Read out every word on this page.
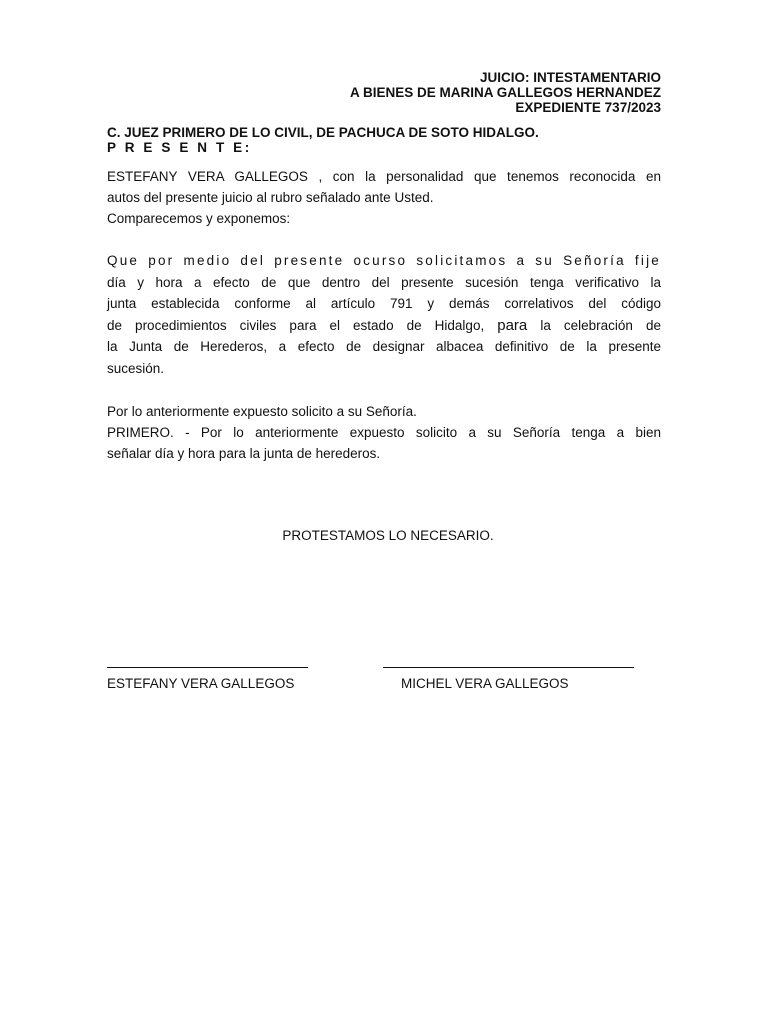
JUICIO: INTESTAMENTARIO
A BIENES DE MARINA GALLEGOS HERNANDEZ
EXPEDIENTE 737/2023
C. JUEZ PRIMERO DE LO CIVIL, DE PACHUCA DE SOTO HIDALGO.
P R E S E N T E:
ESTEFANY VERA GALLEGOS , con la personalidad que tenemos reconocida en
autos del presente juicio al rubro señalado ante Usted.
Comparecemos y exponemos:
Que por medio del presente ocurso solicitamos a su Señoría fije
día y hora a efecto de que dentro del presente sucesión tenga verificativo la
junta establecida conforme al artículo 791 y demás correlativos del código
de procedimientos civiles para el estado de Hidalgo, para la celebración de
la Junta de Herederos, a efecto de designar albacea definitivo de la presente
sucesión.
Por lo anteriormente expuesto solicito a su Señoría.
PRIMERO. - Por lo anteriormente expuesto solicito a su Señoría tenga a bien
señalar día y hora para la junta de herederos.
PROTESTAMOS LO NECESARIO.
ESTEFANY VERA GALLEGOS	MICHEL VERA GALLEGOS
